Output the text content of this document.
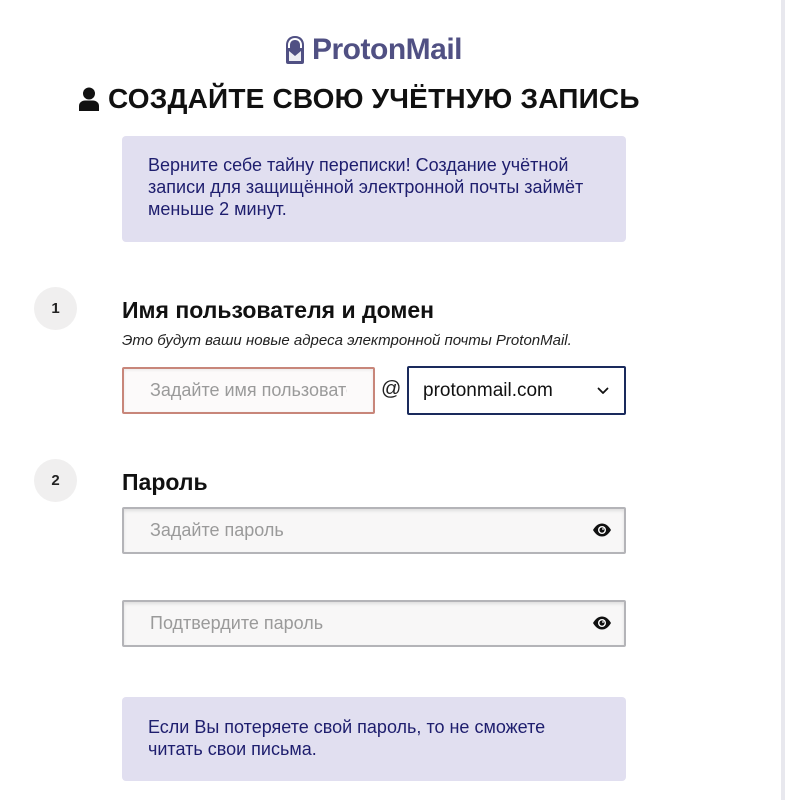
ProtonMail
СОЗДАЙТЕ СВОЮ УЧЁТНУЮ ЗАПИСЬ
Верните себе тайну переписки! Создание учётной записи для защищённой электронной почты займёт меньше 2 минут.
1	Имя пользователя и домен
Это будут ваши новые адреса электронной почты ProtonMail.
Задайте имя пользователя
@ protonmail.com
2	Пароль
Если Вы потеряете свой пароль, то не сможете читать свои письма.
